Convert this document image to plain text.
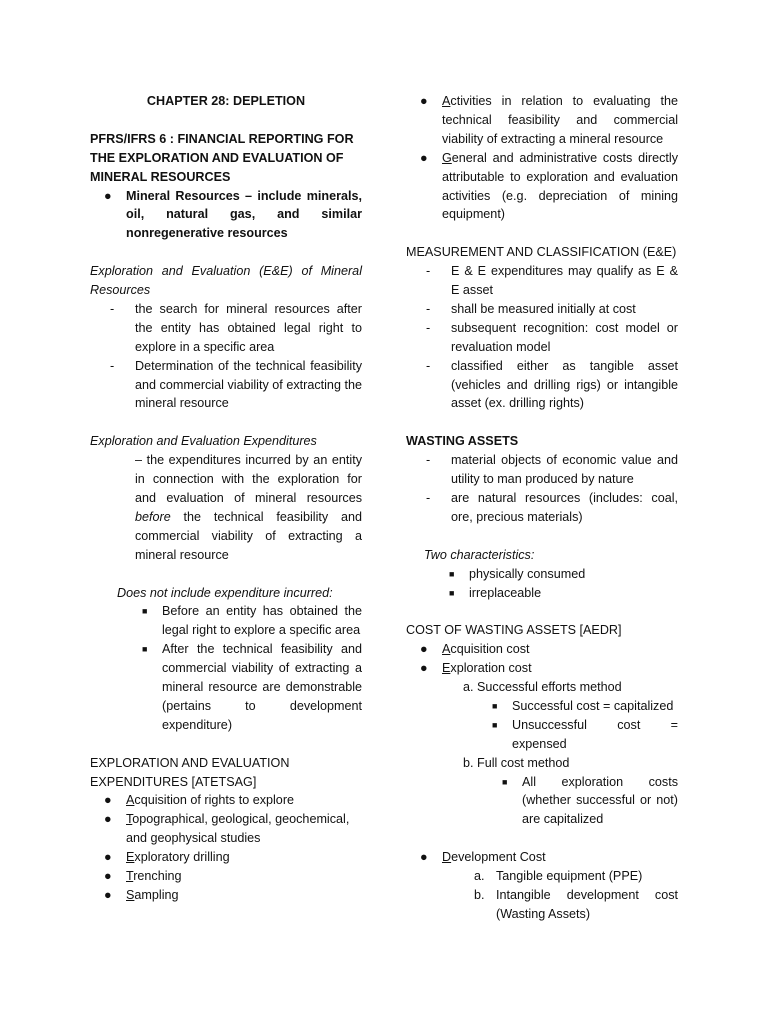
CHAPTER 28: DEPLETION

PFRS/IFRS 6 : FINANCIAL REPORTING FOR THE EXPLORATION AND EVALUATION OF MINERAL RESOURCES

● Mineral Resources – include minerals, oil, natural gas, and similar nonregenerative resources

Exploration and Evaluation (E&E) of Mineral Resources

- the search for mineral resources after the entity has obtained legal right to explore in a specific area
- Determination of the technical feasibility and commercial viability of extracting the mineral resource

Exploration and Evaluation Expenditures

– the expenditures incurred by an entity in connection with the exploration for and evaluation of mineral resources before the technical feasibility and commercial viability of extracting a mineral resource

Does not include expenditure incurred:

■ Before an entity has obtained the legal right to explore a specific area
■ After the technical feasibility and commercial viability of extracting a mineral resource are demonstrable (pertains to development expenditure)

EXPLORATION AND EVALUATION EXPENDITURES [ATETSAG]

● Acquisition of rights to explore
● Topographical, geological, geochemical, and geophysical studies
● Exploratory drilling
● Trenching
● Sampling
● Activities in relation to evaluating the technical feasibility and commercial viability of extracting a mineral resource
● General and administrative costs directly attributable to exploration and evaluation activities (e.g. depreciation of mining equipment)

MEASUREMENT AND CLASSIFICATION (E&E)

- E & E expenditures may qualify as E & E asset
- shall be measured initially at cost
- subsequent recognition: cost model or revaluation model
- classified either as tangible asset (vehicles and drilling rigs) or intangible asset (ex. drilling rights)

WASTING ASSETS

- material objects of economic value and utility to man produced by nature
- are natural resources (includes: coal, ore, precious materials)

Two characteristics:

■ physically consumed
■ irreplaceable

COST OF WASTING ASSETS [AEDR]

● Acquisition cost
● Exploration cost

a. Successful efforts method

■ Successful cost = capitalized
■ Unsuccessful cost = expensed

b. Full cost method

■ All exploration costs (whether successful or not) are capitalized
● Development Cost
a. Tangible equipment (PPE)
b. Intangible development cost (Wasting Assets)
